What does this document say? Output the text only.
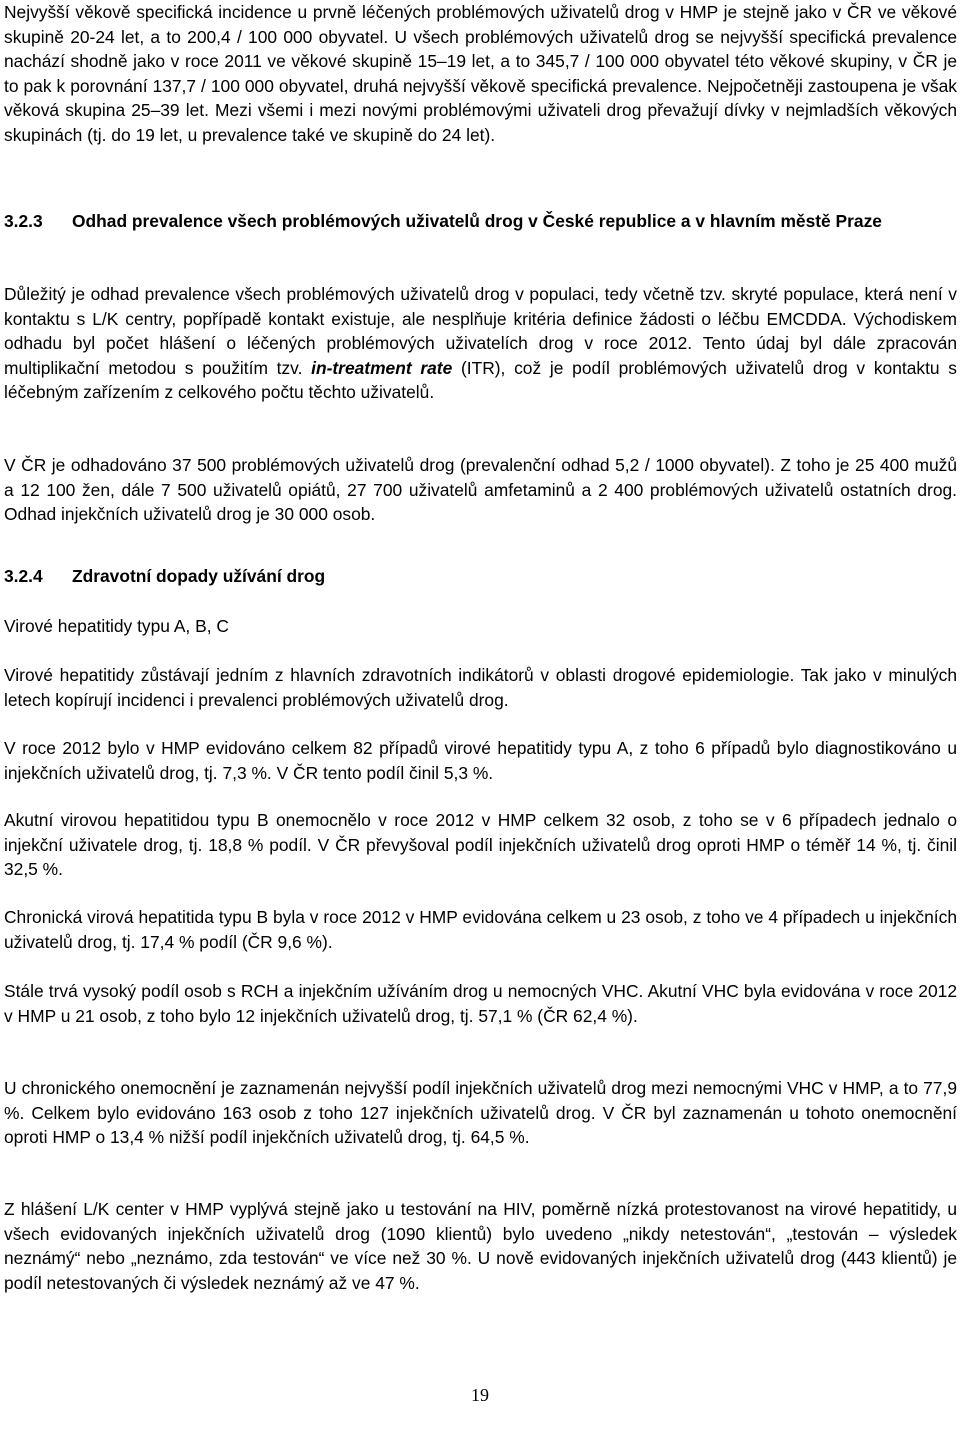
Nejvyšší věkově specifická incidence u prvně léčených problémových uživatelů drog v HMP je stejně jako v ČR ve věkové skupině 20-24 let, a to 200,4 / 100 000 obyvatel. U všech problémových uživatelů drog se nejvyšší specifická prevalence nachází shodně jako v roce 2011 ve věkové skupině 15–19 let, a to 345,7 / 100 000 obyvatel této věkové skupiny, v ČR je to pak k porovnání 137,7 / 100 000 obyvatel, druhá nejvyšší věkově specifická prevalence. Nejpočetněji zastoupena je však věková skupina 25–39 let. Mezi všemi i mezi novými problémovými uživateli drog převažují dívky v nejmladších věkových skupinách (tj. do 19 let, u prevalence také ve skupině do 24 let).

3.2.3	Odhad prevalence všech problémových uživatelů drog v České republice a v hlavním městě Praze

Důležitý je odhad prevalence všech problémových uživatelů drog v populaci, tedy včetně tzv. skryté populace, která není v kontaktu s L/K centry, popřípadě kontakt existuje, ale nesplňuje kritéria definice žádosti o léčbu EMCDDA. Východiskem odhadu byl počet hlášení o léčených problémových uživatelích drog v roce 2012. Tento údaj byl dále zpracován multiplikační metodou s použitím tzv. in-treatment rate (ITR), což je podíl problémových uživatelů drog v kontaktu s léčebným zařízením z celkového počtu těchto uživatelů.

V ČR je odhadováno 37 500 problémových uživatelů drog (prevalenční odhad 5,2 / 1000 obyvatel). Z toho je 25 400 mužů a 12 100 žen, dále 7 500 uživatelů opiátů, 27 700 uživatelů amfetaminů a 2 400 problémových uživatelů ostatních drog. Odhad injekčních uživatelů drog je 30 000 osob.

3.2.4	Zdravotní dopady užívání drog

Virové hepatitidy typu A, B, C

Virové hepatitidy zůstávají jedním z hlavních zdravotních indikátorů v oblasti drogové epidemiologie. Tak jako v minulých letech kopírují incidenci i prevalenci problémových uživatelů drog.

V roce 2012 bylo v HMP evidováno celkem 82 případů virové hepatitidy typu A, z toho 6 případů bylo diagnostikováno u injekčních uživatelů drog, tj. 7,3 %. V ČR tento podíl činil 5,3 %.

Akutní virovou hepatitidou typu B onemocnělo v roce 2012 v HMP celkem 32 osob, z toho se v 6 případech jednalo o injekční uživatele drog, tj. 18,8 % podíl. V ČR převyšoval podíl injekčních uživatelů drog oproti HMP o téměř 14 %, tj. činil 32,5 %.

Chronická virová hepatitida typu B byla v roce 2012 v HMP evidována celkem u 23 osob, z toho ve 4 případech u injekčních uživatelů drog, tj. 17,4 % podíl (ČR 9,6 %).

Stále trvá vysoký podíl osob s RCH a injekčním užíváním drog u nemocných VHC. Akutní VHC byla evidována v roce 2012 v HMP u 21 osob, z toho bylo 12 injekčních uživatelů drog, tj. 57,1 % (ČR 62,4 %).

U chronického onemocnění je zaznamenán nejvyšší podíl injekčních uživatelů drog mezi nemocnými VHC v HMP, a to 77,9 %. Celkem bylo evidováno 163 osob z toho 127 injekčních uživatelů drog. V ČR byl zaznamenán u tohoto onemocnění oproti HMP o 13,4 % nižší podíl injekčních uživatelů drog, tj. 64,5 %.

Z hlášení L/K center v HMP vyplývá stejně jako u testování na HIV, poměrně nízká protestovanost na virové hepatitidy, u všech evidovaných injekčních uživatelů drog (1090 klientů) bylo uvedeno „nikdy netestován“, „testován – výsledek neznámý“ nebo „neznámo, zda testován“ ve více než 30 %. U nově evidovaných injekčních uživatelů drog (443 klientů) je podíl netestovaných či výsledek neznámý až ve 47 %.

19
